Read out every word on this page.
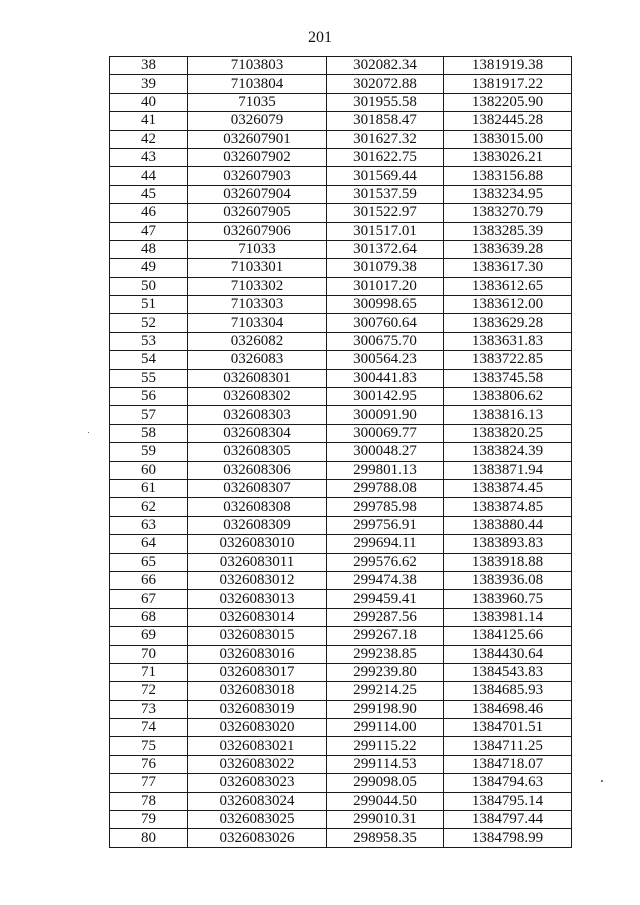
201
38	7103803	302082.34	1381919.38
39	7103804	302072.88	1381917.22
40	71035	301955.58	1382205.90
41	0326079	301858.47	1382445.28
42	032607901	301627.32	1383015.00
43	032607902	301622.75	1383026.21
44	032607903	301569.44	1383156.88
45	032607904	301537.59	1383234.95
46	032607905	301522.97	1383270.79
47	032607906	301517.01	1383285.39
48	71033	301372.64	1383639.28
49	7103301	301079.38	1383617.30
50	7103302	301017.20	1383612.65
51	7103303	300998.65	1383612.00
52	7103304	300760.64	1383629.28
53	0326082	300675.70	1383631.83
54	0326083	300564.23	1383722.85
55	032608301	300441.83	1383745.58
56	032608302	300142.95	1383806.62
57	032608303	300091.90	1383816.13
58	032608304	300069.77	1383820.25
59	032608305	300048.27	1383824.39
60	032608306	299801.13	1383871.94
61	032608307	299788.08	1383874.45
62	032608308	299785.98	1383874.85
63	032608309	299756.91	1383880.44
64	0326083010	299694.11	1383893.83
65	0326083011	299576.62	1383918.88
66	0326083012	299474.38	1383936.08
67	0326083013	299459.41	1383960.75
68	0326083014	299287.56	1383981.14
69	0326083015	299267.18	1384125.66
70	0326083016	299238.85	1384430.64
71	0326083017	299239.80	1384543.83
72	0326083018	299214.25	1384685.93
73	0326083019	299198.90	1384698.46
74	0326083020	299114.00	1384701.51
75	0326083021	299115.22	1384711.25
76	0326083022	299114.53	1384718.07
77	0326083023	299098.05	1384794.63
78	0326083024	299044.50	1384795.14
79	0326083025	299010.31	1384797.44
80	0326083026	298958.35	1384798.99
